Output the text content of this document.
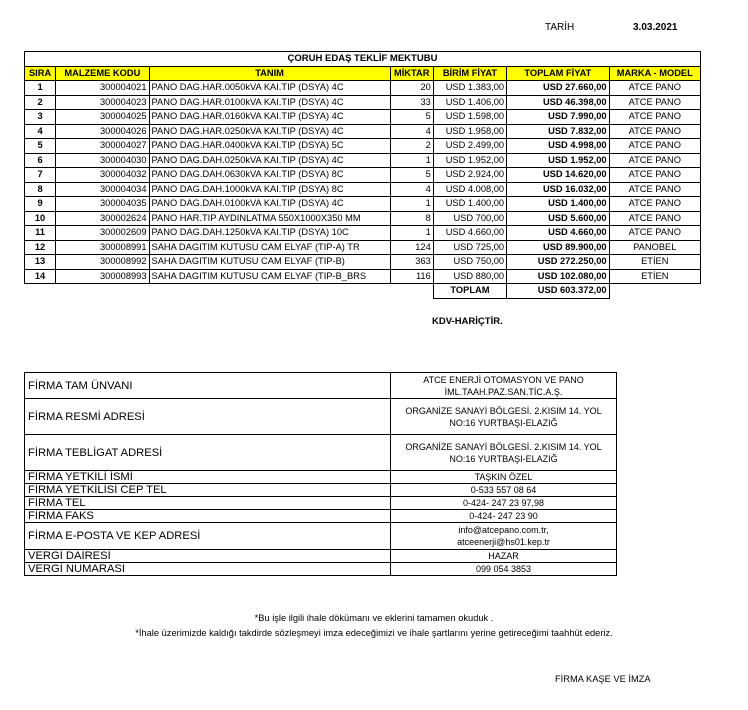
TARİH	3.03.2021
ÇORUH EDAŞ TEKLİF MEKTUBU						
SIRA	MALZEME KODU	TANIM	MİKTAR	BİRİM FİYAT	TOPLAM FİYAT	MARKA - MODEL
1	300004021	PANO DAG.HAR.0050kVA KAI.TIP (DSYA) 4C	20	USD 1.383,00	USD 27.660,00	ATCE PANO
2	300004023	PANO DAG.HAR.0100kVA KAI.TIP (DSYA) 4C	33	USD 1.406,00	USD 46.398,00	ATCE PANO
3	300004025	PANO DAG.HAR.0160kVA KAI.TIP (DSYA) 4C	5	USD 1.598,00	USD 7.990,00	ATCE PANO
4	300004026	PANO DAG.HAR.0250kVA KAI.TIP (DSYA) 4C	4	USD 1.958,00	USD 7.832,00	ATCE PANO
5	300004027	PANO DAG.HAR.0400kVA KAI.TIP (DSYA) 5C	2	USD 2.499,00	USD 4.998,00	ATCE PANO
6	300004030	PANO DAG.DAH.0250kVA KAI.TIP (DSYA) 4C	1	USD 1.952,00	USD 1.952,00	ATCE PANO
7	300004032	PANO DAG.DAH.0630kVA KAI.TIP (DSYA) 8C	5	USD 2.924,00	USD 14.620,00	ATCE PANO
8	300004034	PANO DAG.DAH.1000kVA KAI.TIP (DSYA) 8C	4	USD 4.008,00	USD 16.032,00	ATCE PANO
9	300004035	PANO DAG.DAH.0100kVA KAI.TIP (DSYA) 4C	1	USD 1.400,00	USD 1.400,00	ATCE PANO
10	300002624	PANO HAR.TIP AYDINLATMA 550X1000X350 MM	8	USD 700,00	USD 5.600,00	ATCE PANO
11	300002609	PANO DAG.DAH.1250kVA KAI.TIP (DSYA) 10C	1	USD 4.660,00	USD 4.660,00	ATCE PANO
12	300008991	SAHA DAGITIM KUTUSU CAM ELYAF (TIP-A) TR	124	USD 725,00	USD 89.900,00	PANOBEL
13	300008992	SAHA DAGITIM KUTUSU CAM ELYAF (TIP-B)	363	USD 750,00	USD 272.250,00	ETİEN
14	300008993	SAHA DAGITIM KUTUSU CAM ELYAF (TIP-B_BRS	116	USD 880,00	USD 102.080,00	ETİEN
				TOPLAM	USD 603.372,00	
KDV-HARİÇTİR.
FİRMA TAM ÜNVANI	ATCE ENERJİ OTOMASYON VE PANO
İML.TAAH.PAZ.SAN.TİC.A.Ş.

FİRMA RESMİ ADRESİ	ORGANİZE SANAYİ BÖLGESİ. 2.KISIM 14. YOL
NO:16 YURTBAŞI-ELAZIĞ

FİRMA TEBLİGAT ADRESİ	ORGANİZE SANAYİ BÖLGESİ. 2.KISIM 14. YOL
NO:16 YURTBAŞI-ELAZIĞ

FİRMA YETKİLİ İSMİ	TAŞKIN ÖZEL

FİRMA YETKİLİSİ CEP TEL	0-533 557 08 64

FİRMA TEL	0-424- 247 23 97,98

FİRMA FAKS	0-424- 247 23 90

FİRMA E-POSTA VE KEP ADRESİ	info@atcepano.com.tr,
atceenerji@hs01.kep.tr

VERGİ DAİRESİ	HAZAR

VERGİ NUMARASI	099 054 3853
*Bu işle ilgili ihale dökümanı ve eklerini tamamen okuduk .
*İhale üzerimizde kaldığı takdirde sözleşmeyi imza edeceğimizi ve ihale şartlarını yerine getireceğimi taahhüt ederiz.
FİRMA KAŞE VE İMZA
